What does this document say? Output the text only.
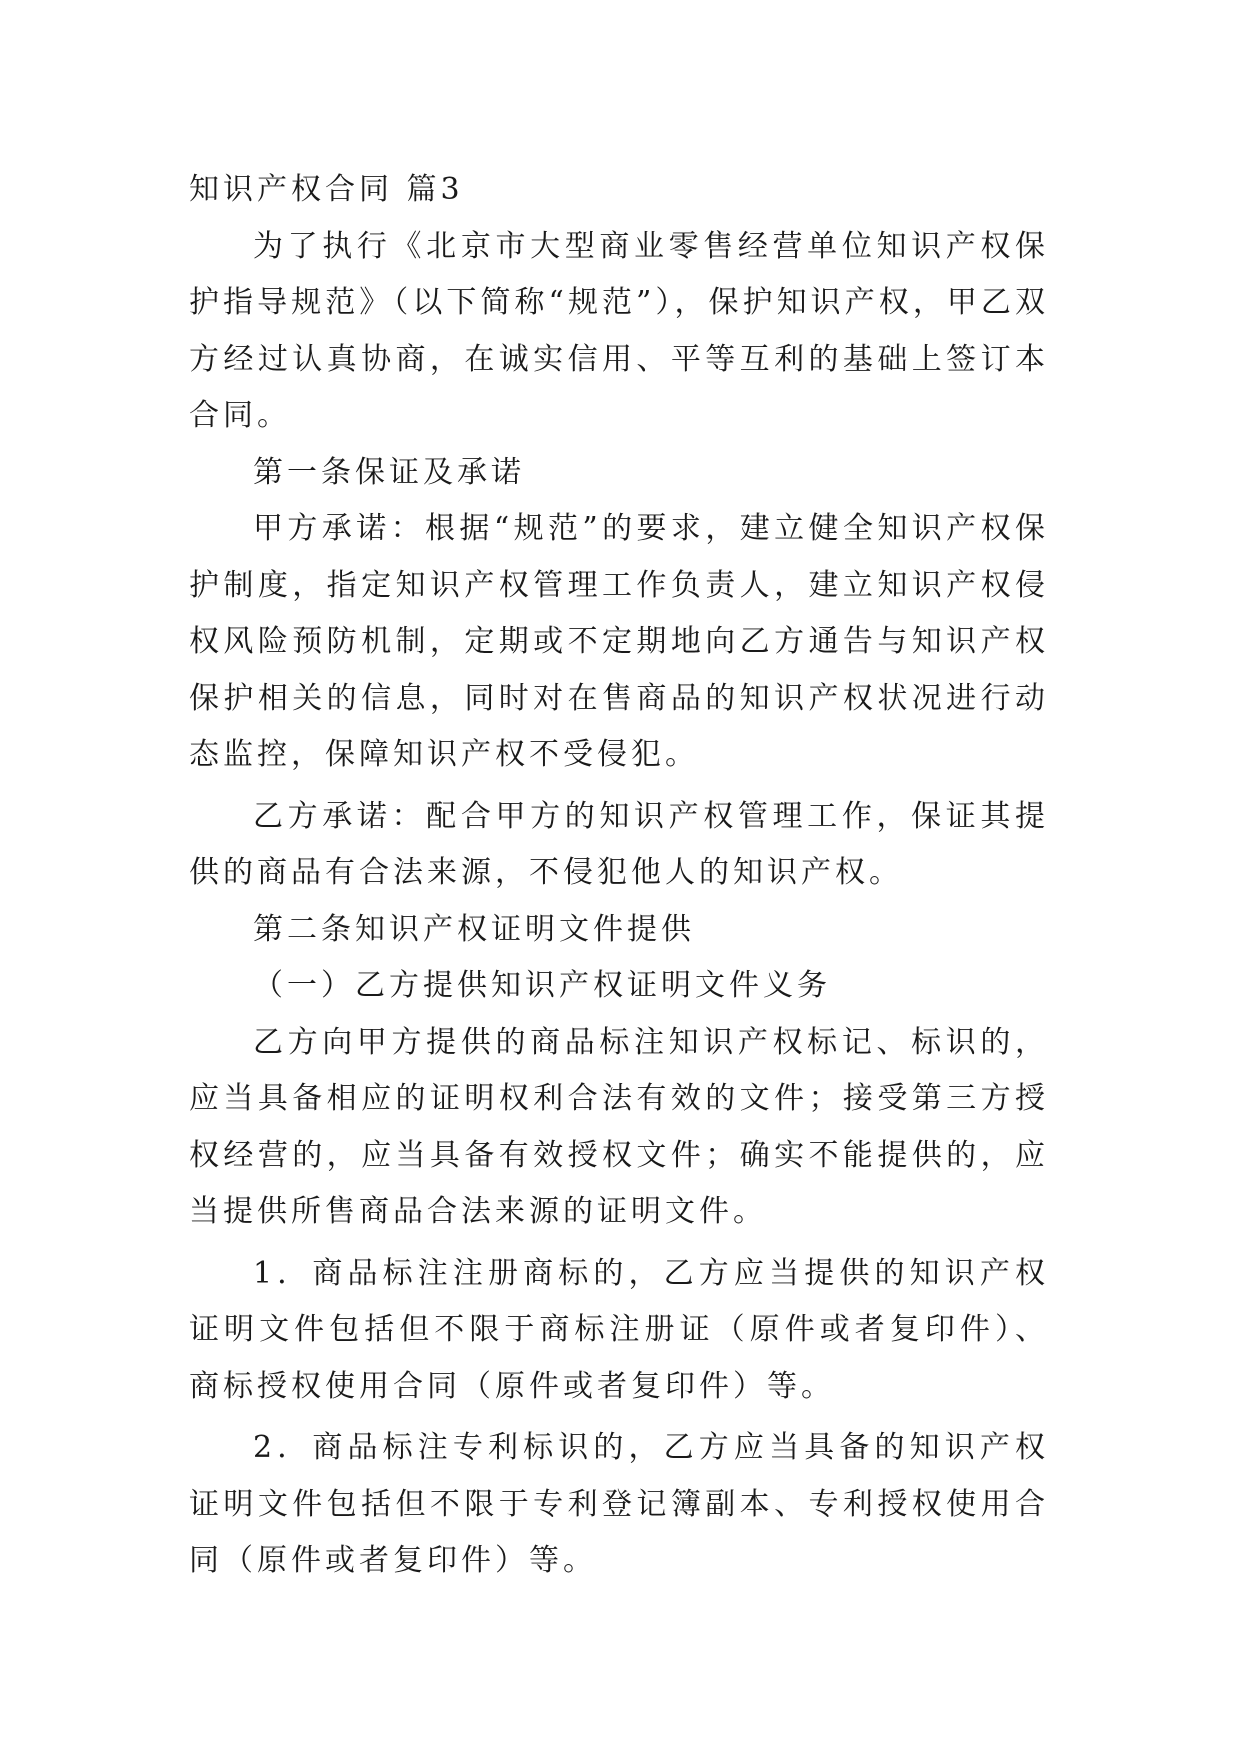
知识产权合同 篇3

为了执行《北京市大型商业零售经营单位知识产权保护指导规范》（以下简称“规范”），保护知识产权，甲乙双方经过认真协商，在诚实信用、平等互利的基础上签订本合同。

第一条保证及承诺

甲方承诺：根据“规范”的要求，建立健全知识产权保护制度，指定知识产权管理工作负责人，建立知识产权侵权风险预防机制，定期或不定期地向乙方通告与知识产权保护相关的信息，同时对在售商品的知识产权状况进行动态监控，保障知识产权不受侵犯。

乙方承诺：配合甲方的知识产权管理工作，保证其提供的商品有合法来源，不侵犯他人的知识产权。

第二条知识产权证明文件提供

（一）乙方提供知识产权证明文件义务

乙方向甲方提供的商品标注知识产权标记、标识的，应当具备相应的证明权利合法有效的文件；接受第三方授权经营的，应当具备有效授权文件；确实不能提供的，应当提供所售商品合法来源的证明文件。

1．商品标注注册商标的，乙方应当提供的知识产权证明文件包括但不限于商标注册证（原件或者复印件）、商标授权使用合同（原件或者复印件）等。

2．商品标注专利标识的，乙方应当具备的知识产权证明文件包括但不限于专利登记簿副本、专利授权使用合同（原件或者复印件）等。
